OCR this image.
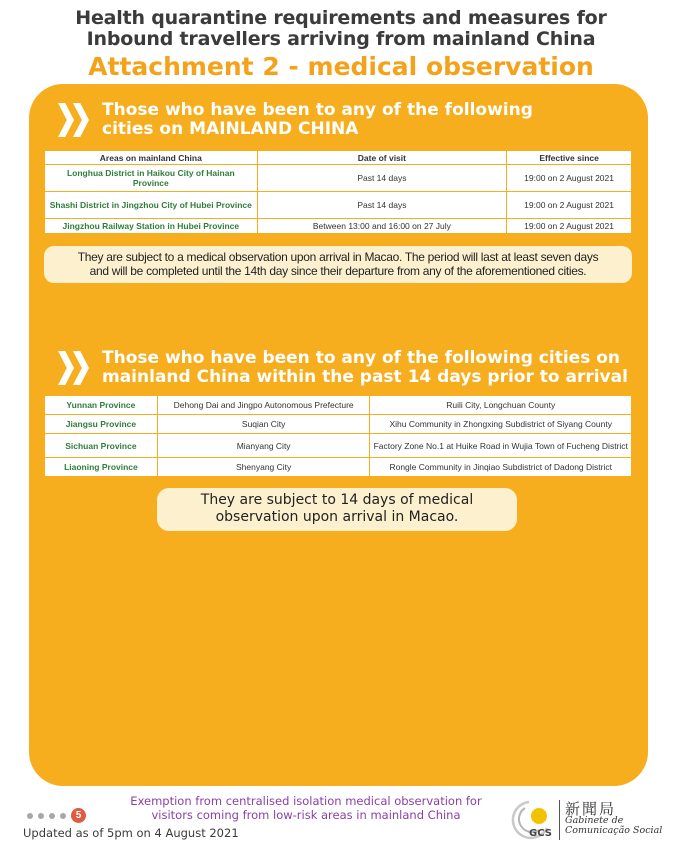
Health quarantine requirements and measures for
Inbound travellers arriving from mainland China
Attachment 2 - medical observation
Those who have been to any of the following
cities on MAINLAND CHINA
Areas on mainland China	Date of visit	Effective since
Longhua District in Haikou City of Hainan Province	Past 14 days	19:00 on 2 August 2021
Shashi District in Jingzhou City of Hubei Province	Past 14 days	19:00 on 2 August 2021
Jingzhou Railway Station in Hubei Province	Between 13:00 and 16:00 on 27 July	19:00 on 2 August 2021
They are subject to a medical observation upon arrival in Macao. The period will last at least seven days
and will be completed until the 14th day since their departure from any of the aforementioned cities.
Those who have been to any of the following cities on
mainland China within the past 14 days prior to arrival
Yunnan Province	Dehong Dai and Jingpo Autonomous Prefecture	Ruili City, Longchuan County
Jiangsu Province	Suqian City	Xihu Community in Zhongxing Subdistrict of Siyang County
Sichuan Province	Mianyang City	Factory Zone No.1 at Huike Road in Wujia Town of Fucheng District
Liaoning Province	Shenyang City	Rongle Community in Jinqiao Subdistrict of Dadong District
They are subject to 14 days of medical
observation upon arrival in Macao.
5
Exemption from centralised isolation medical observation for
visitors coming from low-risk areas in mainland China
Updated as of 5pm on 4 August 2021	GCS
新聞局
Gabinete de
Comunicação Social
